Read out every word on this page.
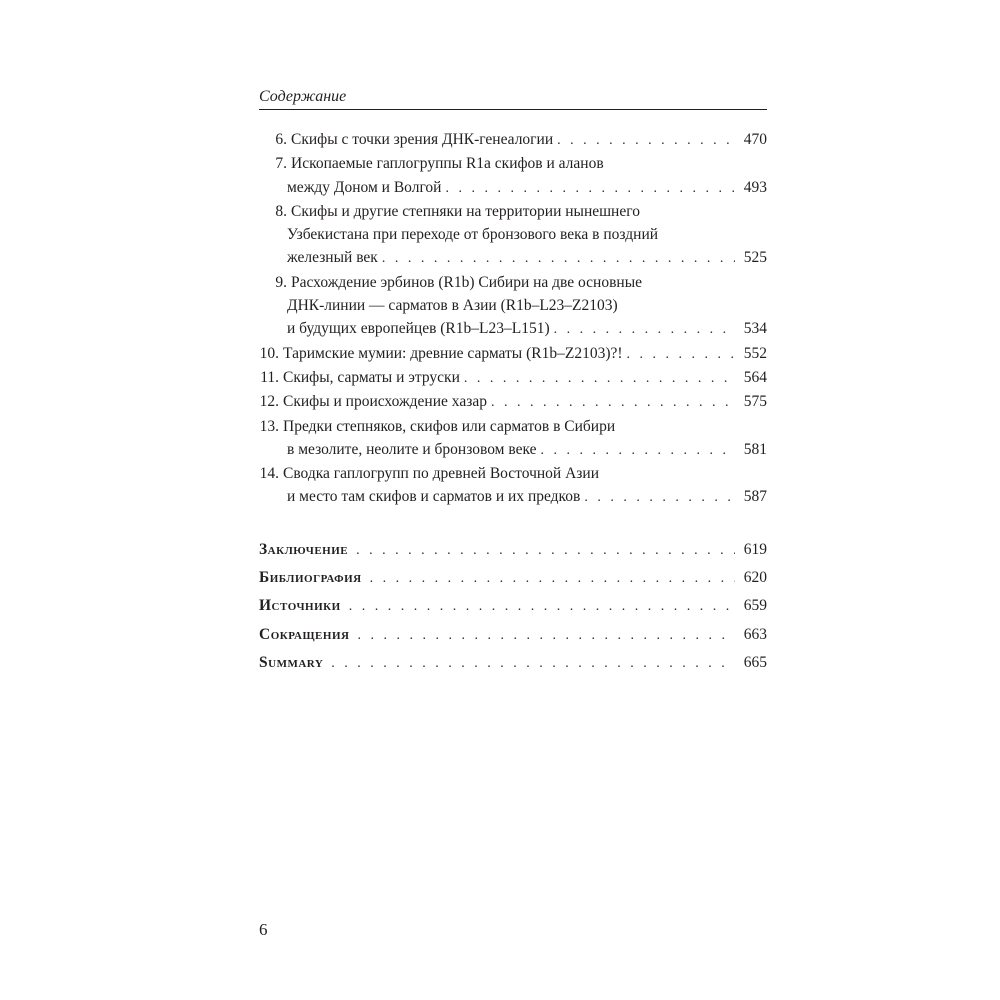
Содержание
6. Скифы с точки зрения ДНК-генеалогии . . .	470
7. Ископаемые гаплогруппы R1a скифов и аланов
между Доном и Волгой . . .	493
8. Скифы и другие степняки на территории нынешнего
Узбекистана при переходе от бронзового века в поздний
железный век . . .	525
9. Расхождение эрбинов (R1b) Сибири на две основные
ДНК-линии — сарматов в Азии (R1b–L23–Z2103)
и будущих европейцев (R1b–L23–L151) . . .	534
10. Таримские мумии: древние сарматы (R1b–Z2103)?! . . .	552
11. Скифы, сарматы и этруски . . .	564
12. Скифы и происхождение хазар . . .	575
13. Предки степняков, скифов или сарматов в Сибири
в мезолите, неолите и бронзовом веке . . .	581
14. Сводка гаплогрупп по древней Восточной Азии
и место там скифов и сарматов и их предков . . .	587
Заключение . . .	619
Библиография . . .	620
Источники . . .	659
Сокращения . . .	663
Summary . . .	665
6
